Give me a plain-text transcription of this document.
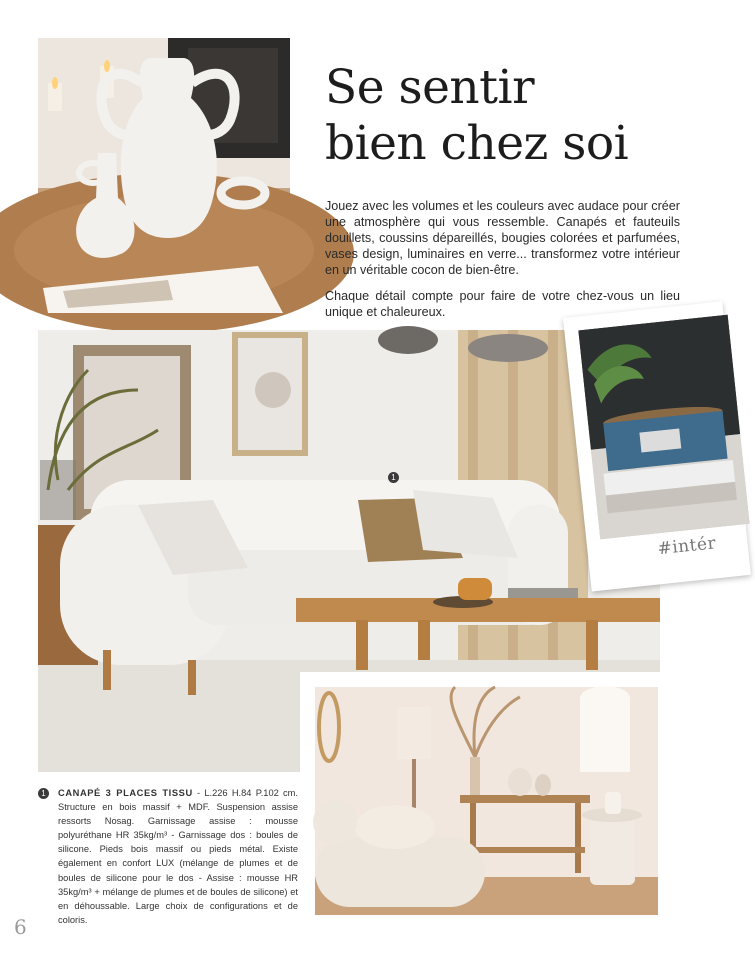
Se sentir
bien chez soi

Jouez avec les volumes et les couleurs avec audace pour créer une atmosphère qui vous ressemble. Canapés et fauteuils douillets, coussins dépareillés, bougies colorées et parfumées, vases design, luminaires en verre... transformez votre intérieur en un véritable cocon de bien-être.

Chaque détail compte pour faire de votre chez-vous un lieu unique et chaleureux.

1
#intér
1	CANAPÉ 3 PLACES TISSU - L.226 H.84 P.102 cm. Structure en bois massif + MDF. Suspension assise ressorts Nosag. Garnissage assise : mousse polyuréthane HR 35kg/m³ - Garnissage dos : boules de silicone. Pieds bois massif ou pieds métal. Existe également en confort LUX (mélange de plumes et de boules de silicone pour le dos - Assise : mousse HR 35kg/m³ + mélange de plumes et de boules de silicone) et en déhoussable. Large choix de configurations et de coloris.

6
